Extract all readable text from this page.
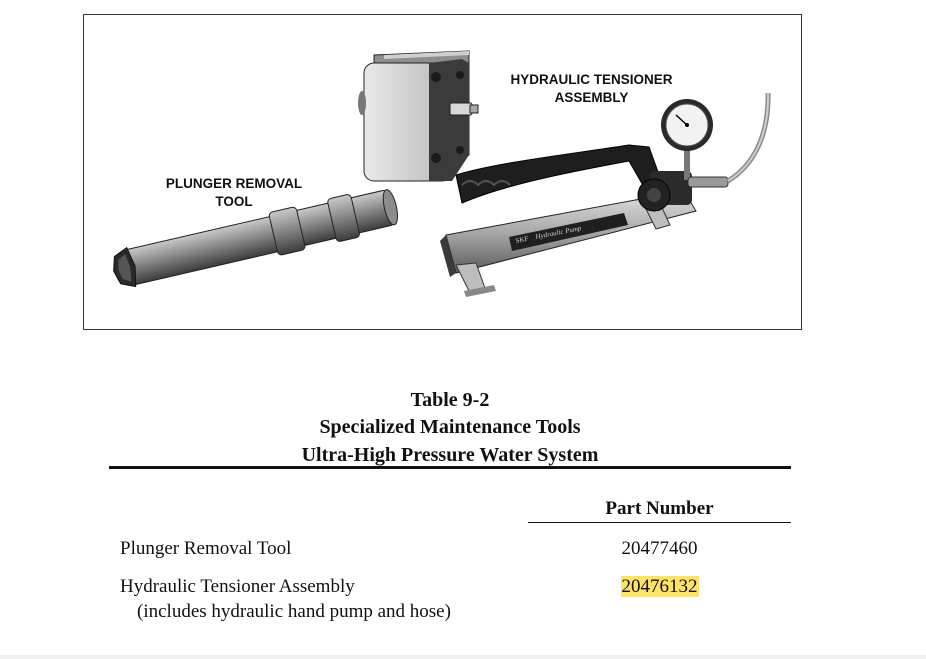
SKF Hydraulic Pump
PLUNGER REMOVAL
TOOL
HYDRAULIC TENSIONER
ASSEMBLY
Table 9-2
Specialized Maintenance Tools
Ultra-High Pressure Water System
Part Number
Plunger Removal Tool	20477460
Hydraulic Tensioner Assembly
(includes hydraulic hand pump and hose)
20476132
